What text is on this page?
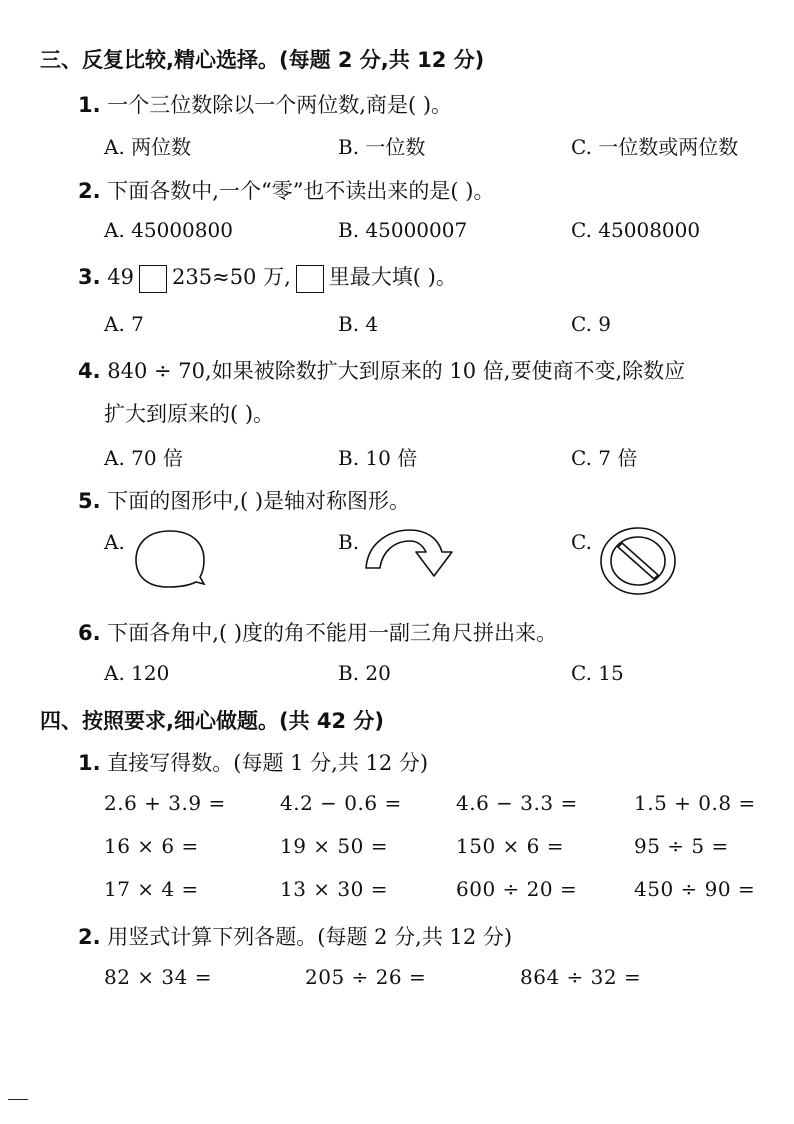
三、反复比较,精心选择。(每题 2 分,共 12 分)
1. 一个三位数除以一个两位数,商是( )。
A. 两位数	B. 一位数	C. 一位数或两位数
2. 下面各数中,一个“零”也不读出来的是( )。
A. 45000800	B. 45000007	C. 45008000
3. 49 235≈50 万, 里最大填( )。
A. 7	B. 4	C. 9
4. 840 ÷ 70,如果被除数扩大到原来的 10 倍,要使商不变,除数应
扩大到原来的( )。
A. 70 倍	B. 10 倍	C. 7 倍
5. 下面的图形中,( )是轴对称图形。
A.	B.	C.
6. 下面各角中,( )度的角不能用一副三角尺拼出来。
A. 120	B. 20	C. 15
四、按照要求,细心做题。(共 42 分)
1. 直接写得数。(每题 1 分,共 12 分)
2.6 + 3.9 =	4.2 − 0.6 =	4.6 − 3.3 =	1.5 + 0.8 =
16 × 6 =	19 × 50 =	150 × 6 =	95 ÷ 5 =
17 × 4 =	13 × 30 =	600 ÷ 20 =	450 ÷ 90 =
2. 用竖式计算下列各题。(每题 2 分,共 12 分)
82 × 34 =	205 ÷ 26 =	864 ÷ 32 =
